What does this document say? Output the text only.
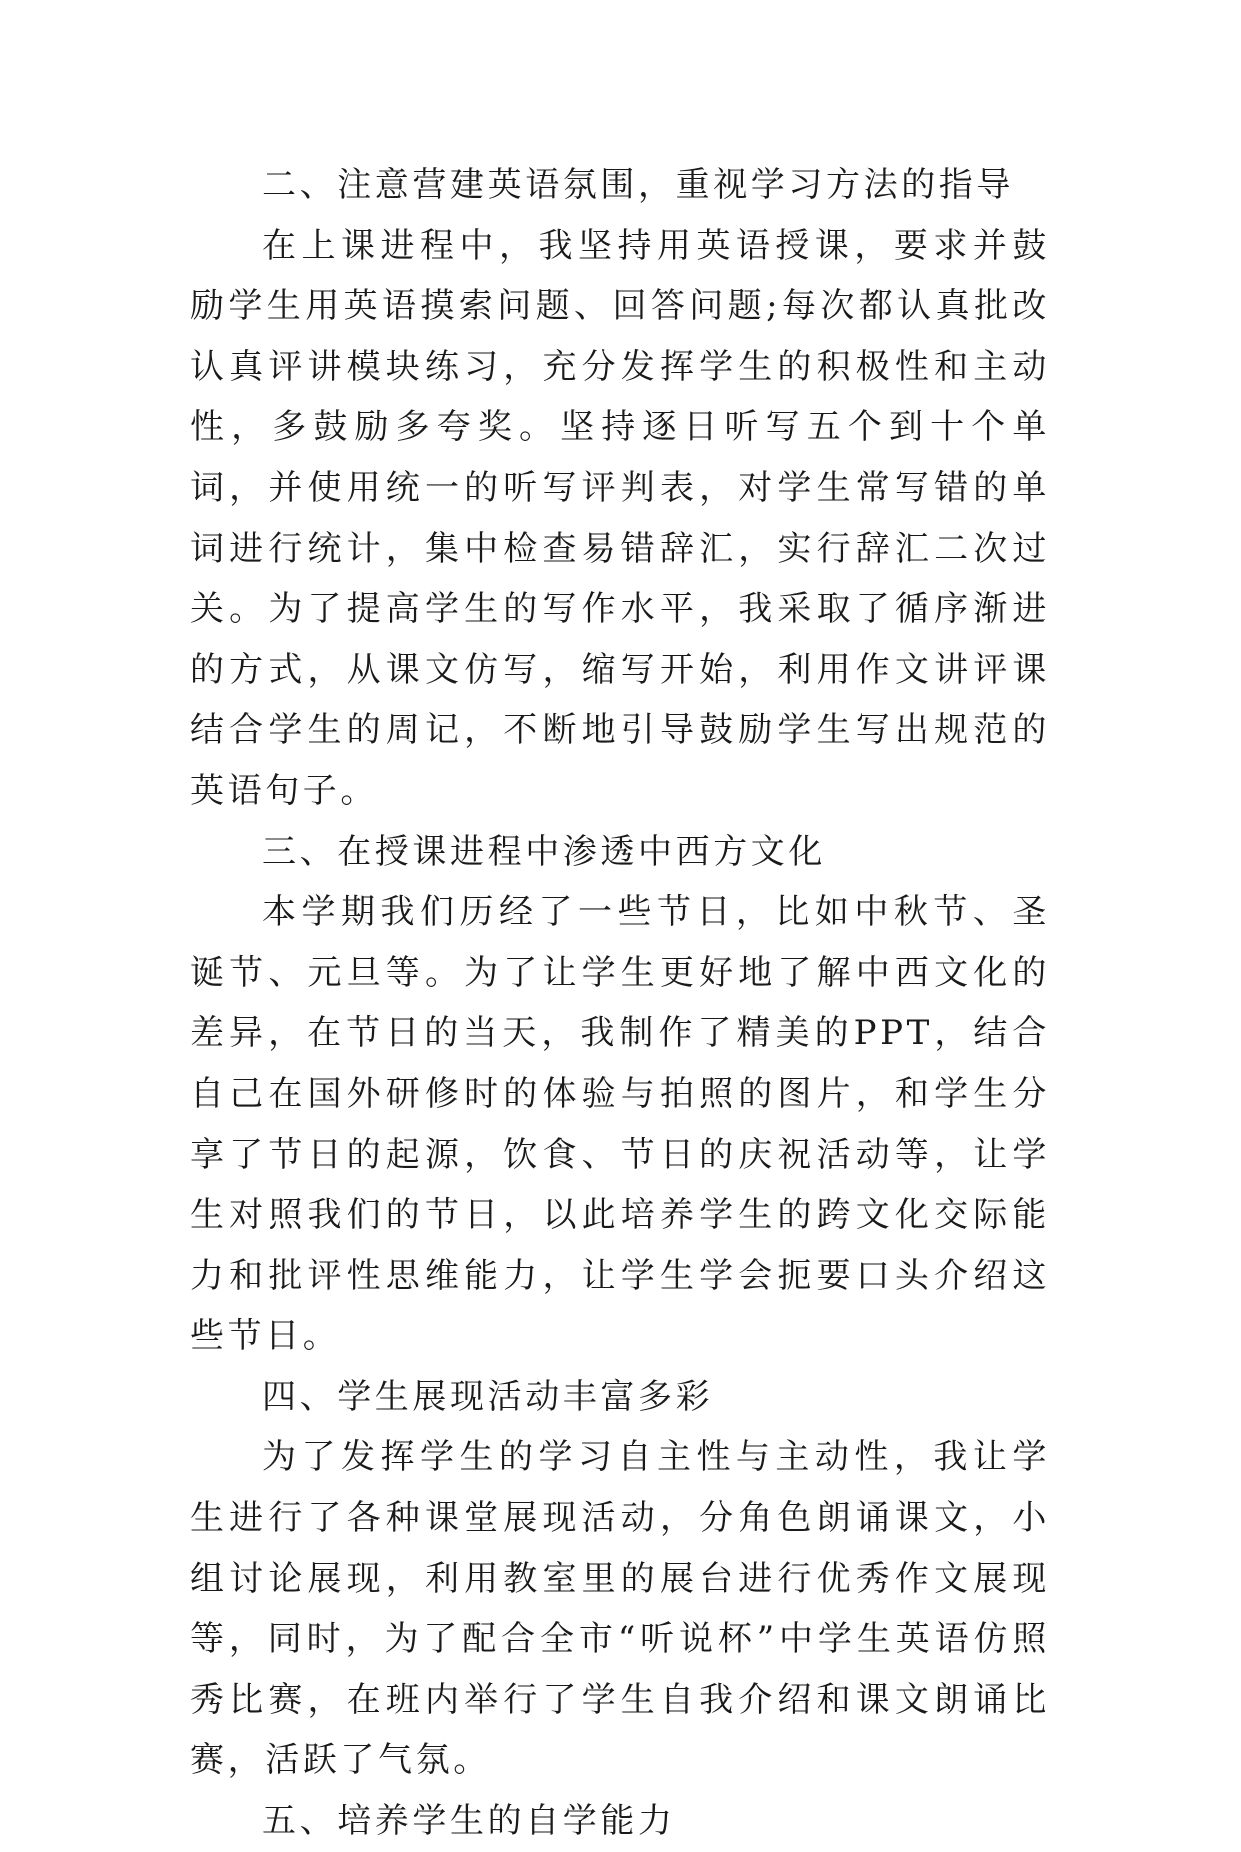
二、注意营建英语氛围，重视学习方法的指导

在上课进程中，我坚持用英语授课，要求并鼓励学生用英语摸索问题、回答问题;每次都认真批改认真评讲模块练习，充分发挥学生的积极性和主动性，多鼓励多夸奖。坚持逐日听写五个到十个单词，并使用统一的听写评判表，对学生常写错的单词进行统计，集中检查易错辞汇，实行辞汇二次过关。为了提高学生的写作水平，我采取了循序渐进的方式，从课文仿写，缩写开始，利用作文讲评课结合学生的周记，不断地引导鼓励学生写出规范的英语句子。

三、在授课进程中渗透中西方文化

本学期我们历经了一些节日，比如中秋节、圣诞节、元旦等。为了让学生更好地了解中西文化的差异，在节日的当天，我制作了精美的PPT，结合自己在国外研修时的体验与拍照的图片，和学生分享了节日的起源，饮食、节日的庆祝活动等，让学生对照我们的节日，以此培养学生的跨文化交际能力和批评性思维能力，让学生学会扼要口头介绍这些节日。

四、学生展现活动丰富多彩

为了发挥学生的学习自主性与主动性，我让学生进行了各种课堂展现活动，分角色朗诵课文，小组讨论展现，利用教室里的展台进行优秀作文展现等，同时，为了配合全市“听说杯”中学生英语仿照秀比赛，在班内举行了学生自我介绍和课文朗诵比赛，活跃了气氛。

五、培养学生的自学能力
